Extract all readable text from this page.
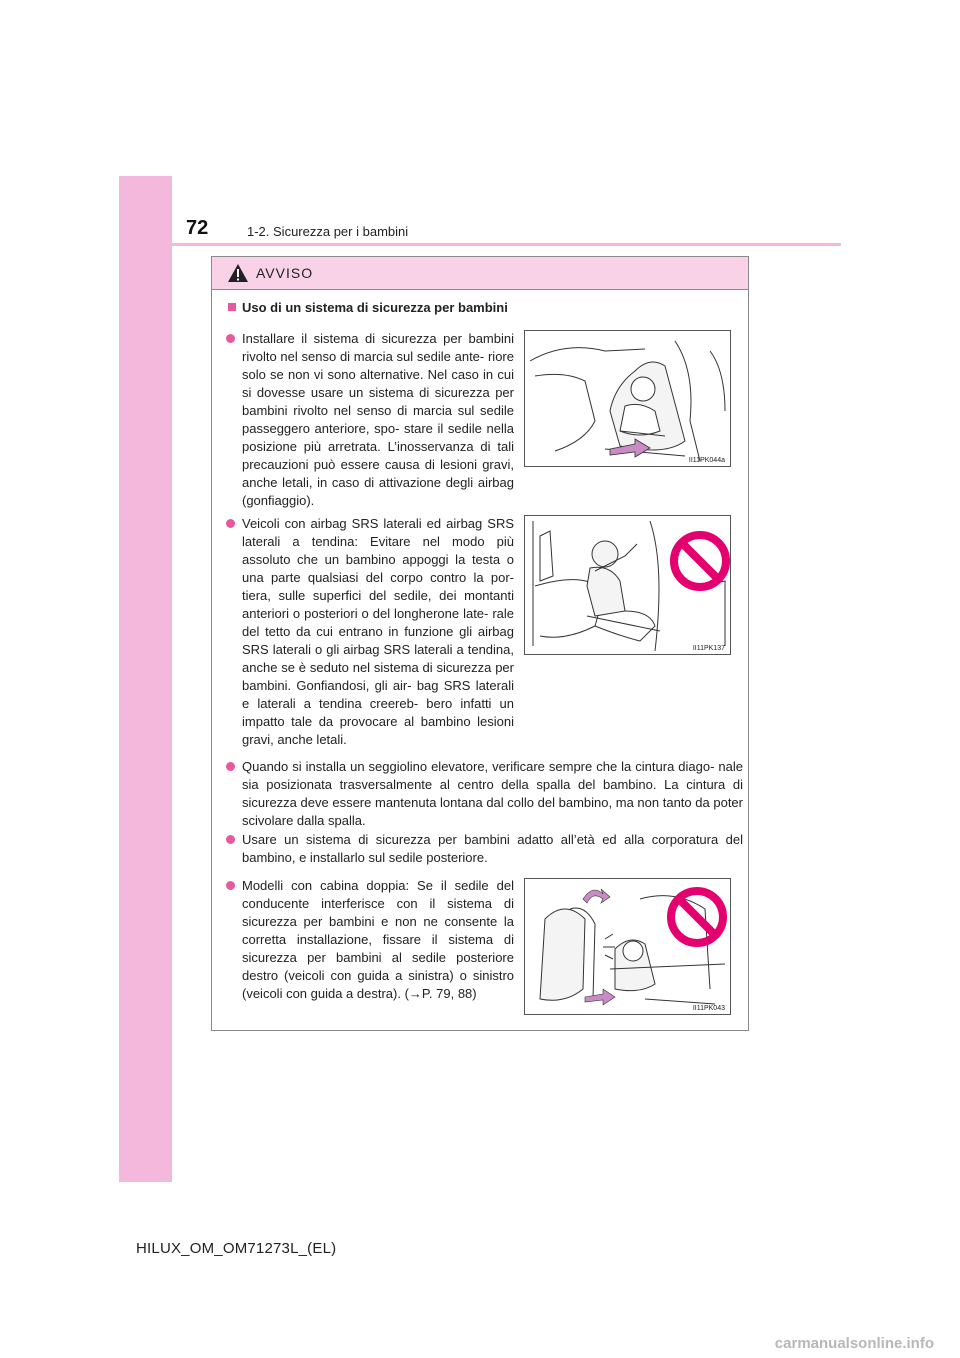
72	1-2. Sicurezza per i bambini
AVVISO
Uso di un sistema di sicurezza per bambini
Installare il sistema di sicurezza per bambini rivolto nel senso di marcia sul sedile ante- riore solo se non vi sono alternative. Nel caso in cui si dovesse usare un sistema di sicurezza per bambini rivolto nel senso di marcia sul sedile passeggero anteriore, spo- stare il sedile nella posizione più arretrata. L’inosservanza di tali precauzioni può essere causa di lesioni gravi, anche letali, in caso di attivazione degli airbag (gonfiaggio).
Veicoli con airbag SRS laterali ed airbag SRS laterali a tendina: Evitare nel modo più assoluto che un bambino appoggi la testa o una parte qualsiasi del corpo contro la por- tiera, sulle superfici del sedile, dei montanti anteriori o posteriori o del longherone late- rale del tetto da cui entrano in funzione gli airbag SRS laterali o gli airbag SRS laterali a tendina, anche se è seduto nel sistema di sicurezza per bambini. Gonfiandosi, gli air- bag SRS laterali e laterali a tendina creereb- bero infatti un impatto tale da provocare al bambino lesioni gravi, anche letali.
Quando si installa un seggiolino elevatore, verificare sempre che la cintura diago- nale sia posizionata trasversalmente al centro della spalla del bambino. La cintura di sicurezza deve essere mantenuta lontana dal collo del bambino, ma non tanto da poter scivolare dalla spalla.
Usare un sistema di sicurezza per bambini adatto all’età ed alla corporatura del bambino, e installarlo sul sedile posteriore.
Modelli con cabina doppia: Se il sedile del conducente interferisce con il sistema di sicurezza per bambini e non ne consente la corretta installazione, fissare il sistema di sicurezza per bambini al sedile posteriore destro (veicoli con guida a sinistra) o sinistro (veicoli con guida a destra). (→P. 79, 88)
II11PK044a
II11PK137
II11PK043
HILUX_OM_OM71273L_(EL)
carmanualsonline.info
